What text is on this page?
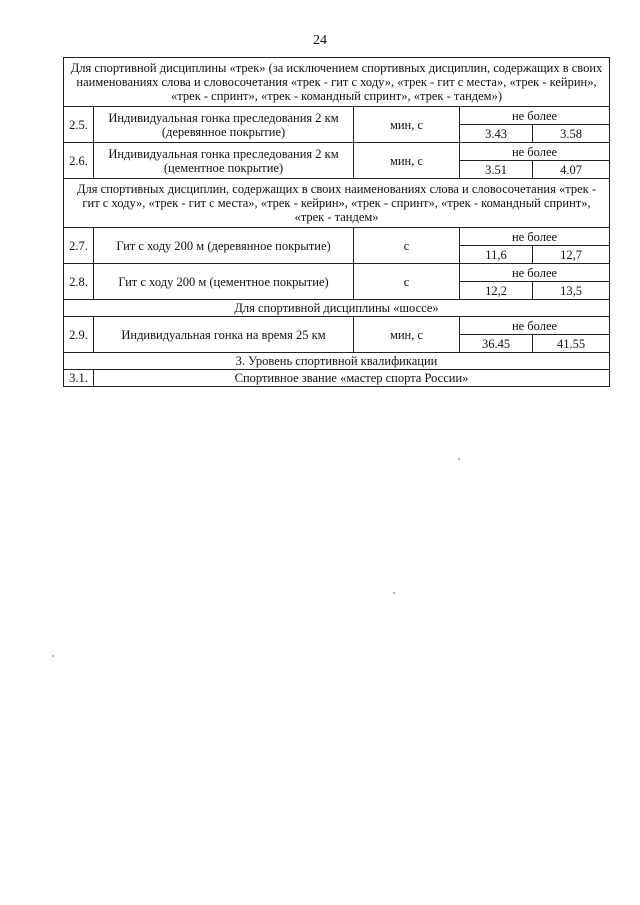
24
Для спортивной дисциплины «трек» (за исключением спортивных дисциплин, содержащих в своих наименованиях слова и словосочетания «трек - гит с ходу», «трек - гит с места», «трек - кейрин», «трек - спринт», «трек - командный спринт», «трек - тандем»)				
2.5.	Индивидуальная гонка преследования 2 км (деревянное покрытие)	мин, с	не более	
			3.43	3.58
2.6.	Индивидуальная гонка преследования 2 км (цементное покрытие)	мин, с	не более	
			3.51	4.07
Для спортивных дисциплин, содержащих в своих наименованиях слова и словосочетания «трек - гит с ходу», «трек - гит с места», «трек - кейрин», «трек - спринт», «трек - командный спринт», «трек - тандем»				
2.7.	Гит с ходу 200 м (деревянное покрытие)	с	не более	
			11,6	12,7
2.8.	Гит с ходу 200 м (цементное покрытие)	с	не более	
			12,2	13,5
Для спортивной дисциплины «шоссе»				
2.9.	Индивидуальная гонка на время 25 км	мин, с	не более	
			36.45	41.55
3. Уровень спортивной квалификации				
3.1.	Спортивное звание «мастер спорта России»			
